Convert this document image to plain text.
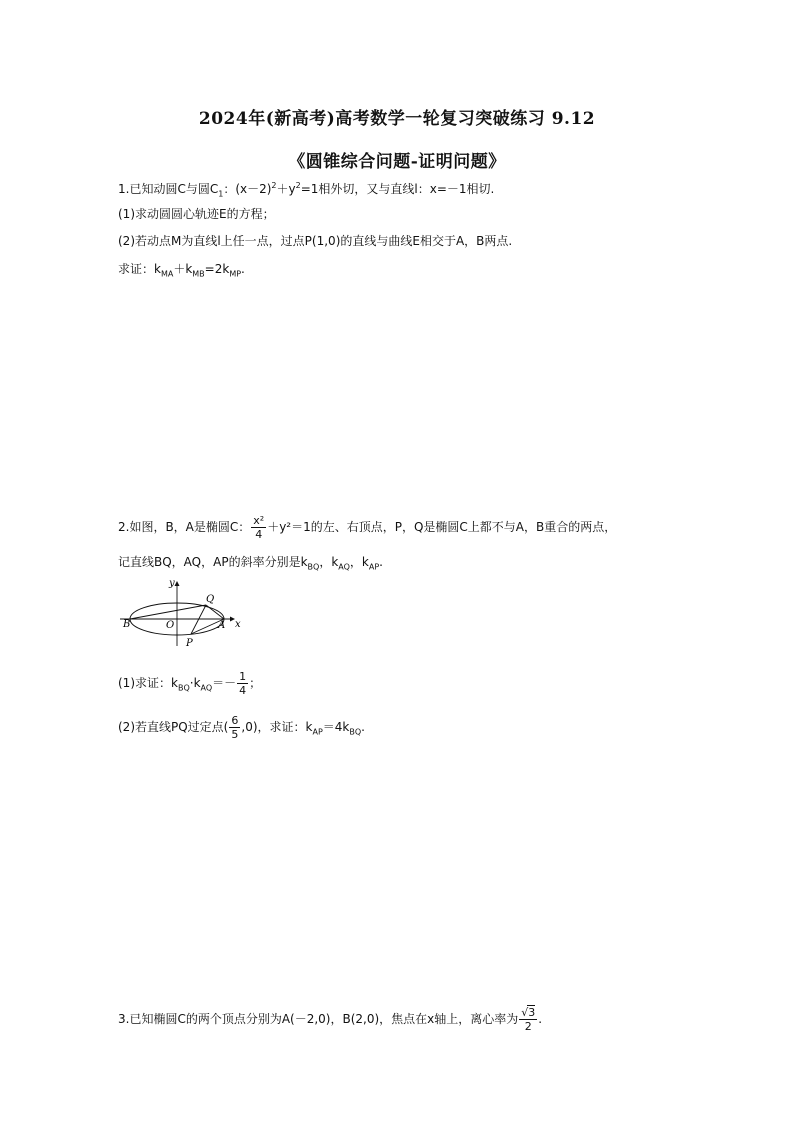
2024年(新高考)高考数学一轮复习突破练习 9.12
《圆锥综合问题-证明问题》
1.已知动圆C与圆$C_1$：$(x-2)^2+y^2=1$相外切，又与直线l：x=－1相切.
(1)求动圆圆心轨迹E的方程；
(2)若动点M为直线l上任一点，过点P(1,0)的直线与曲线E相交于A，B两点.
求证：$k_{MA}+k_{MB}=2k_{MP}$.
2.如图，B，A是椭圆C： $\frac{\text{x²}}{4} +y^2=1$的左、右顶点，P，Q是椭圆C上都不与A，B重合的两点，
记直线BQ，AQ，AP的斜率分别是$k_{BQ}$，$k_{AQ}$，$k_{AP}$.
y
x
Q
B	O	A
P
(1)求证：$k_{BQ}\cdot k_{AQ}=- \frac{1}{4}$ ；
(2)若直线PQ过定点( $\frac{6}{5} ,0$)，求证：$k_{AP}=4k_{BQ}$.
3.已知椭圆C的两个顶点分别为A(－2,0)，B(2,0)，焦点在x轴上，离心率为 $\frac{√3}{2}$ .
